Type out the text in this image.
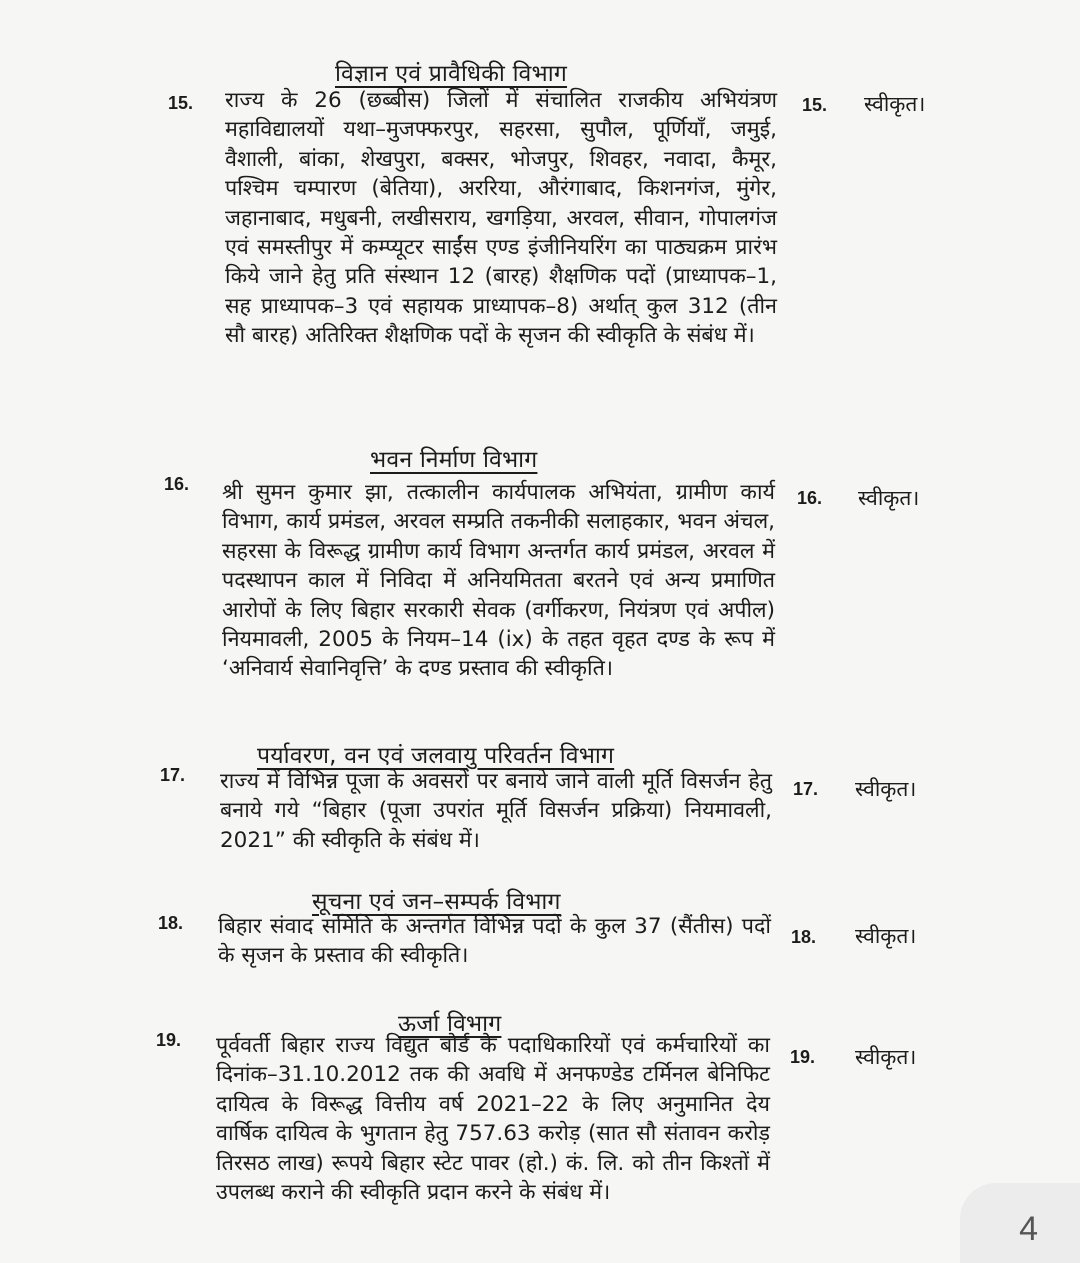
विज्ञान एवं प्रावैधिकी विभाग
15. राज्य के 26 (छब्बीस) जिलों में संचालित राजकीय अभियंत्रण महाविद्यालयों यथा–मुजफ्फरपुर, सहरसा, सुपौल, पूर्णियाँ, जमुई, वैशाली, बांका, शेखपुरा, बक्सर, भोजपुर, शिवहर, नवादा, कैमूर, पश्चिम चम्पारण (बेतिया), अररिया, औरंगाबाद, किशनगंज, मुंगेर, जहानाबाद, मधुबनी, लखीसराय, खगड़िया, अरवल, सीवान, गोपालगंज एवं समस्तीपुर में कम्प्यूटर साईंस एण्ड इंजीनियरिंग का पाठ्यक्रम प्रारंभ किये जाने हेतु प्रति संस्थान 12 (बारह) शैक्षणिक पदों (प्राध्यापक–1, सह प्राध्यापक–3 एवं सहायक प्राध्यापक–8) अर्थात् कुल 312 (तीन सौ बारह) अतिरिक्त शैक्षणिक पदों के सृजन की स्वीकृति के संबंध में।

15. स्वीकृत।
भवन निर्माण विभाग
16. श्री सुमन कुमार झा, तत्कालीन कार्यपालक अभियंता, ग्रामीण कार्य विभाग, कार्य प्रमंडल, अरवल सम्प्रति तकनीकी सलाहकार, भवन अंचल, सहरसा के विरूद्ध ग्रामीण कार्य विभाग अन्तर्गत कार्य प्रमंडल, अरवल में पदस्थापन काल में निविदा में अनियमितता बरतने एवं अन्य प्रमाणित आरोपों के लिए बिहार सरकारी सेवक (वर्गीकरण, नियंत्रण एवं अपील) नियमावली, 2005 के नियम–14 (ix) के तहत वृहत दण्ड के रूप में ‘अनिवार्य सेवानिवृत्ति’ के दण्ड प्रस्ताव की स्वीकृति।

16. स्वीकृत।
पर्यावरण, वन एवं जलवायु परिवर्तन विभाग
17. राज्य में विभिन्न पूजा के अवसरों पर बनाये जाने वाली मूर्ति विसर्जन हेतु बनाये गये “बिहार (पूजा उपरांत मूर्ति विसर्जन प्रक्रिया) नियमावली, 2021” की स्वीकृति के संबंध में।

17. स्वीकृत।
सूचना एवं जन–सम्पर्क विभाग
18. बिहार संवाद समिति के अन्तर्गत विभिन्न पदों के कुल 37 (सैंतीस) पदों के सृजन के प्रस्ताव की स्वीकृति।

18. स्वीकृत।
ऊर्जा विभाग
19. पूर्ववर्ती बिहार राज्य विद्युत बोर्ड के पदाधिकारियों एवं कर्मचारियों का दिनांक–31.10.2012 तक की अवधि में अनफण्डेड टर्मिनल बेनिफिट दायित्व के विरूद्ध वित्तीय वर्ष 2021–22 के लिए अनुमानित देय वार्षिक दायित्व के भुगतान हेतु 757.63 करोड़ (सात सौ संतावन करोड़ तिरसठ लाख) रूपये बिहार स्टेट पावर (हो.) कं. लि. को तीन किश्तों में उपलब्ध कराने की स्वीकृति प्रदान करने के संबंध में।

19. स्वीकृत।
4
